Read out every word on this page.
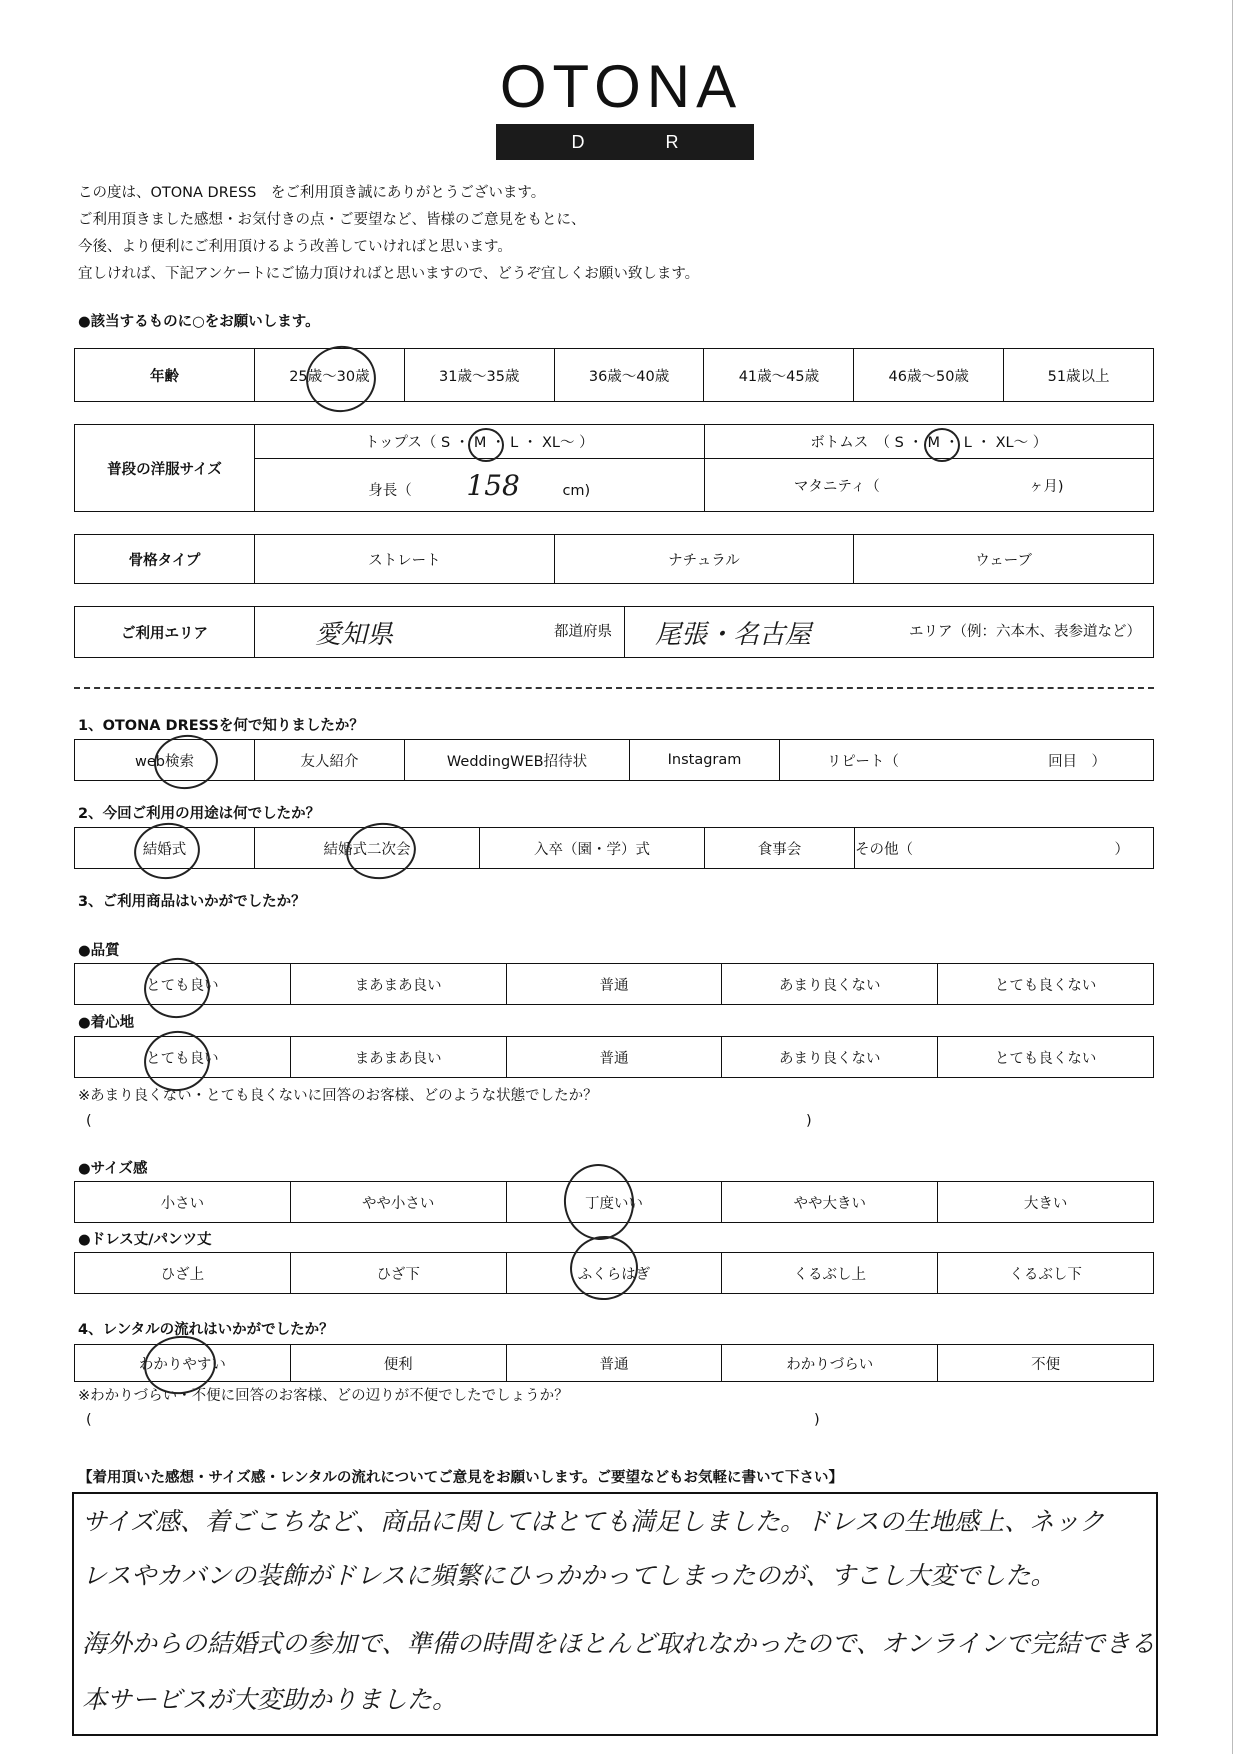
OTONA
D R E S S
この度は、OTONA DRESS　をご利用頂き誠にありがとうございます。
ご利用頂きました感想・お気付きの点・ご要望など、皆様のご意見をもとに、
今後、より便利にご利用頂けるよう改善していければと思います。
宜しければ、下記アンケートにご協力頂ければと思いますので、どうぞ宜しくお願い致します。
●該当するものに○をお願いします。
年齢	25歳～30歳	31歳～35歳	36歳～40歳	41歳～45歳	46歳～50歳	51歳以上
普段の洋服サイズ	トップス（ S ・ M ・ L ・ XL～ ）	ボトムス　（ S ・ M ・ L ・ XL～ ）
	身長（ 158 cm)	マタニティ（ ヶ月)
骨格タイプ	ストレート	ナチュラル	ウェーブ
ご利用エリア	愛知県	都道府県	尾張・名古屋	エリア（例：六本木、表参道など）
1、OTONA DRESSを何で知りましたか？
web検索	友人紹介	WeddingWEB招待状	Instagram	リピート（	回目　）
2、今回ご利用の用途は何でしたか？
結婚式	結婚式二次会	入卒（園・学）式	食事会	その他（	）
3、ご利用商品はいかがでしたか？
●品質
とても良い	まあまあ良い	普通	あまり良くない	とても良くない
●着心地
とても良い	まあまあ良い	普通	あまり良くない	とても良くない
※あまり良くない・とても良くないに回答のお客様、どのような状態でしたか？
(	)
●サイズ感
小さい	やや小さい	丁度いい	やや大きい	大きい
●ドレス丈/パンツ丈
ひざ上	ひざ下	ふくらはぎ	くるぶし上	くるぶし下
4、レンタルの流れはいかがでしたか？
わかりやすい	便利	普通	わかりづらい	不便
※わかりづらい・不便に回答のお客様、どの辺りが不便でしたでしょうか？
(	)
【着用頂いた感想・サイズ感・レンタルの流れについてご意見をお願いします。ご要望などもお気軽に書いて下さい】
サイズ感、着ごこちなど、商品に関してはとても満足しました。ドレスの生地感上、ネック
レスやカバンの装飾がドレスに頻繁にひっかかってしまったのが、すこし大変でした。
海外からの結婚式の参加で、準備の時間をほとんど取れなかったので、オンラインで完結できる
本サービスが大変助かりました。
